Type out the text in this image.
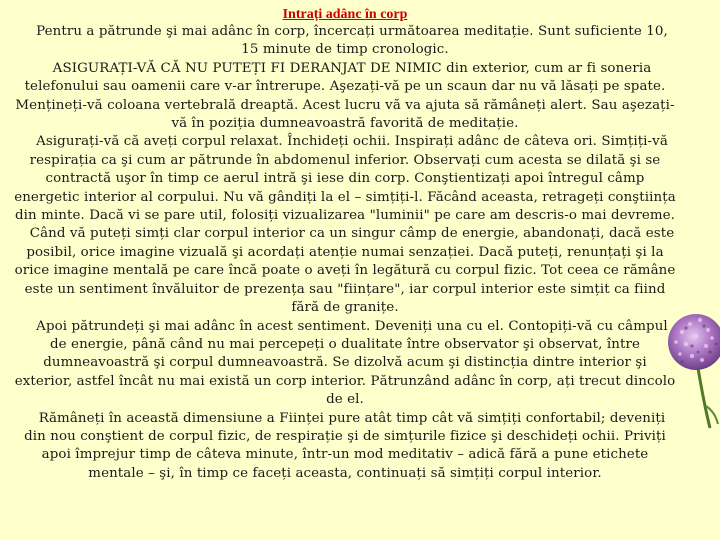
Intrați adânc în corp

Pentru a pătrunde şi mai adânc în corp, încercați următoarea meditație. Sunt suficiente 10, 15 minute de timp cronologic.

ASIGURAȚI-VĂ CĂ NU PUTEȚI FI DERANJAT DE NIMIC din exterior, cum ar fi soneria telefonului sau oamenii care v-ar întrerupe. Aşezați-vă pe un scaun dar nu vă lăsați pe spate. Mențineți-vă coloana vertebrală dreaptă. Acest lucru vă va ajuta să rămâneți alert. Sau aşezați-vă în poziția dumneavoastră favorită de meditație.

Asigurați-vă că aveți corpul relaxat. Închideți ochii. Inspirați adânc de câteva ori. Simțiți-vă respirația ca şi cum ar pătrunde în abdomenul inferior. Observați cum acesta se dilată şi se contractă uşor în timp ce aerul intră şi iese din corp. Conştientizați apoi întregul câmp energetic interior al corpului. Nu vă gândiți la el – simțiți-l. Făcând aceasta, retrageți conştiința din minte. Dacă vi se pare util, folosiți vizualizarea "luminii" pe care am descris-o mai devreme.

Când vă puteți simți clar corpul interior ca un singur câmp de energie, abandonați, dacă este posibil, orice imagine vizuală şi acordați atenție numai senzației. Dacă puteți, renunțați şi la orice imagine mentală pe care încă poate o aveți în legătură cu corpul fizic. Tot ceea ce rămâne este un sentiment învăluitor de prezența sau "ființare", iar corpul interior este simțit ca fiind fără de granițe.

Apoi pătrundeți şi mai adânc în acest sentiment. Deveniți una cu el. Contopiți-vă cu câmpul de energie, până când nu mai percepeți o dualitate între observator şi observat, între dumneavoastră şi corpul dumneavoastră. Se dizolvă acum şi distincția dintre interior şi exterior, astfel încât nu mai există un corp interior. Pătrunzând adânc în corp, ați trecut dincolo de el.

Rămâneți în această dimensiune a Ființei pure atât timp cât vă simțiți confortabil; deveniți din nou conştient de corpul fizic, de respirație şi de simțurile fizice şi deschideți ochii. Priviți apoi împrejur timp de câteva minute, într-un mod meditativ – adică fără a pune etichete mentale – şi, în timp ce faceți aceasta, continuați să simțiți corpul interior.
